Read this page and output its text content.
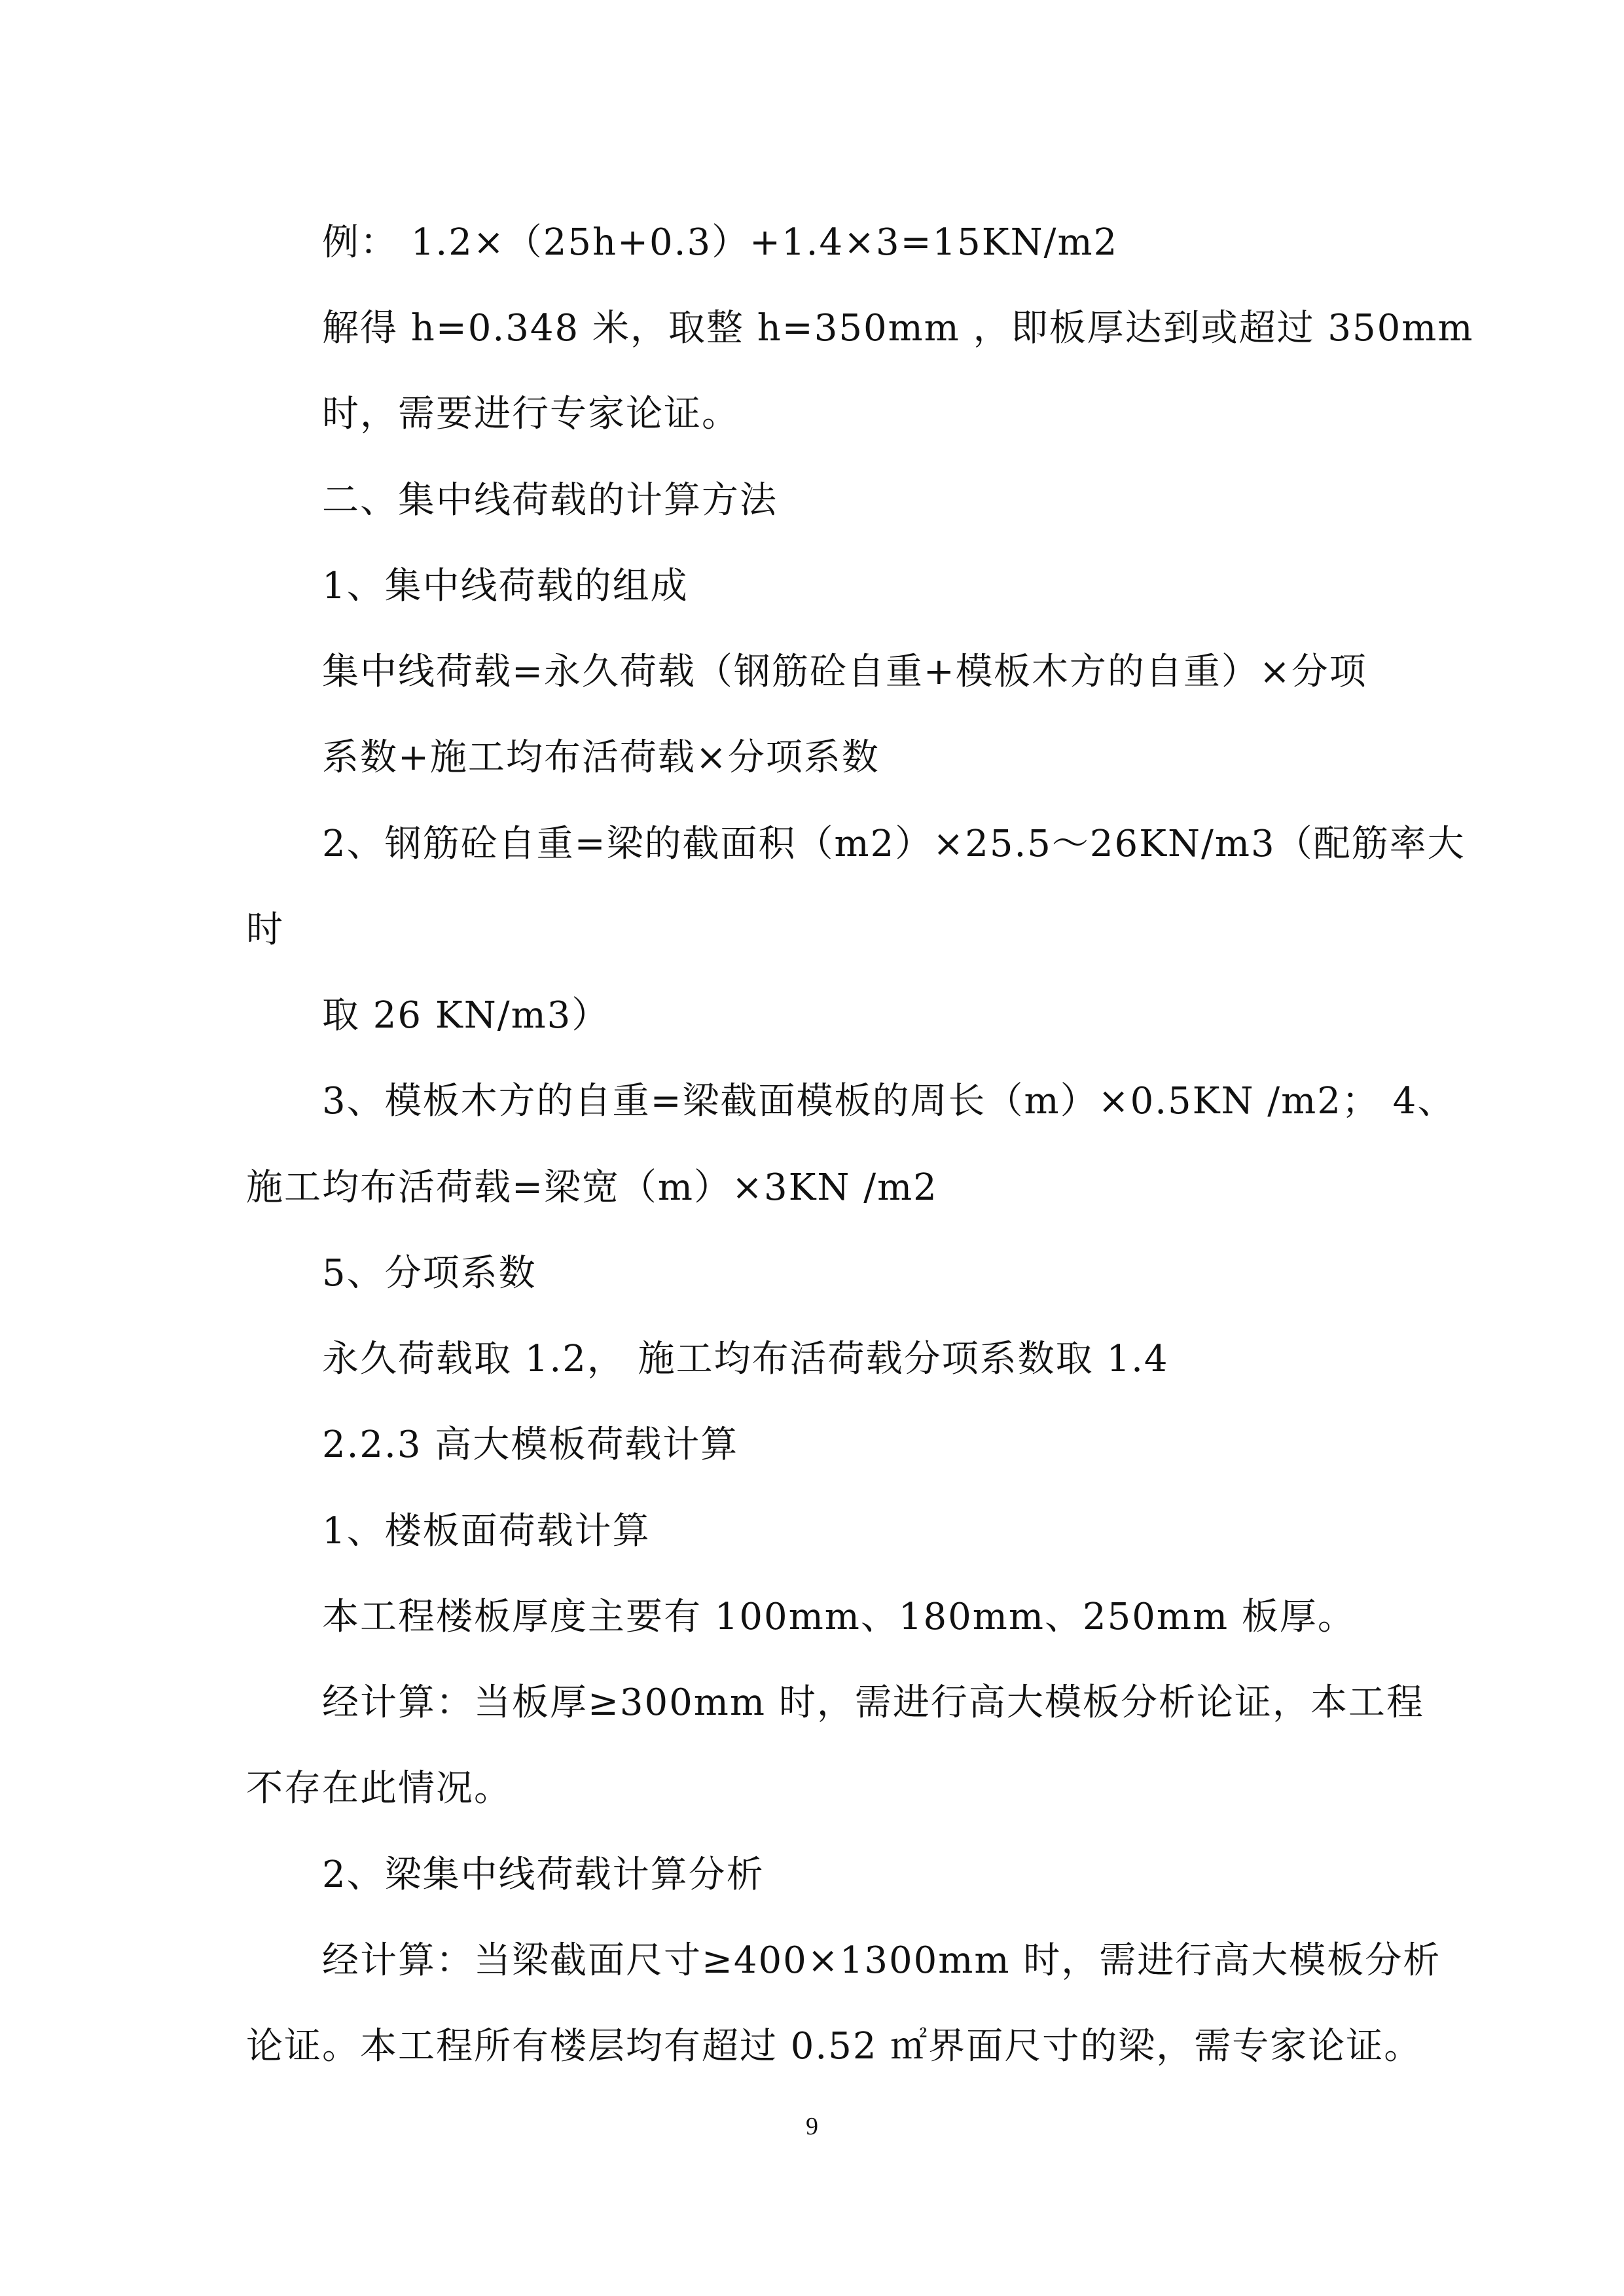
例： 1.2×（25h+0.3）+1.4×3=15KN/m2
解得 h=0.348 米，取整 h=350mm ，即板厚达到或超过 350mm
时，需要进行专家论证。
二、集中线荷载的计算方法
1、集中线荷载的组成
集中线荷载=永久荷载（钢筋砼自重+模板木方的自重）×分项
系数+施工均布活荷载×分项系数
2、钢筋砼自重=梁的截面积（m2）×25.5～26KN/m3（配筋率大
时
取 26 KN/m3）
3、模板木方的自重=梁截面模板的周长（m）×0.5KN /m2； 4、
施工均布活荷载=梁宽（m）×3KN /m2
5、分项系数
永久荷载取 1.2， 施工均布活荷载分项系数取 1.4
2.2.3 高大模板荷载计算
1、楼板面荷载计算
本工程楼板厚度主要有 100mm、180mm、250mm 板厚。
经计算：当板厚≥300mm 时，需进行高大模板分析论证，本工程
不存在此情况。
2、梁集中线荷载计算分析
经计算：当梁截面尺寸≥400×1300mm 时，需进行高大模板分析
论证。本工程所有楼层均有超过 0.52 ㎡界面尺寸的梁，需专家论证。
9
